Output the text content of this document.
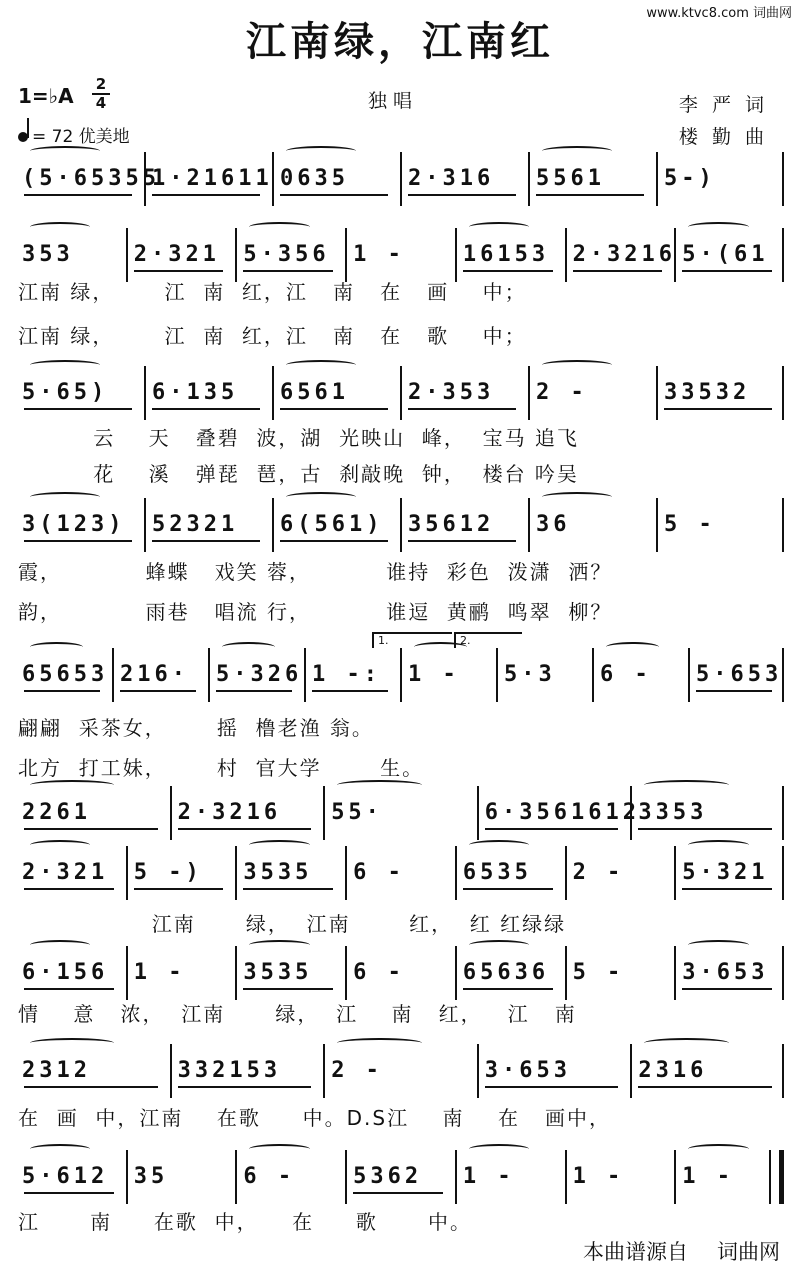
www.ktvc8.com 词曲网
江南绿，江南红
1=♭A 2
4	独 唱
= 72 优美地
李 严 词
楼 勤 曲
(5·65355
1·21611 0635	2·316	5561	5-)
353	2·321	5·356	1 -	16153	2·3216 5·(61
5·65)	6·135	6561	2·353	2 -	33532
3(123)	52321	6(561)	35612	36	5 -
65653 216·	5·326 1 -:	1 -	5·3	6 -	5·653
2261	2·3216	55·	6·3561612
3353
2·321	5 -)	3535	6 -	6535	2 -	5·321
6·156	1 -	3535	6 -	65636	5 -	3·653
2312	332153	2 -	3·653	2316
5·612	35	6 -	5362	1 -	1 -	1 -
1.	2.
江南 绿，      江  南  红，江   南   在   画    中；
江南 绿，      江  南  红，江   南   在   歌    中；
云    天   叠碧  波，湖  光映山  峰，  宝马 追飞
花    溪   弹琵  琶，古  刹敲晚  钟，  楼台 吟吴
霞，          蜂蝶   戏笑 蓉，         谁持  彩色  泼潇  洒？
韵，          雨巷   唱流 行，         谁逗  黄鹂  鸣翠  柳？
翩翩  采茶女，      摇  橹老渔 翁。
北方  打工妹，      村  官大学       生。
江南      绿，  江南       红，  红 红绿绿
情    意   浓，  江南      绿，  江    南   红，   江   南
在  画  中，江南    在歌     中。D.S江    南    在   画中，
江      南     在歌  中，    在     歌      中。
本曲谱源自 词曲网
